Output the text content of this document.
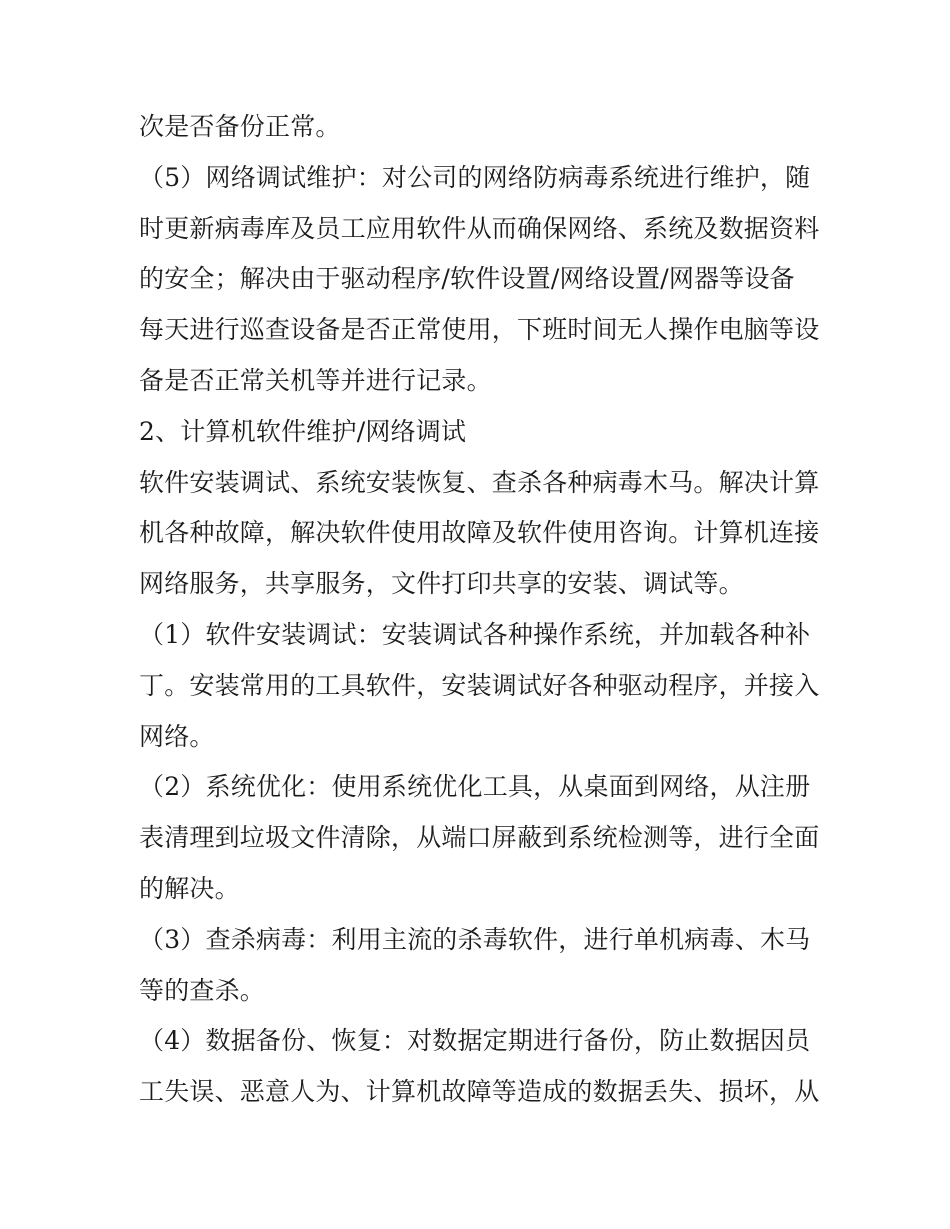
次是否备份正常。
（5）网络调试维护：对公司的网络防病毒系统进行维护，随
时更新病毒库及员工应用软件从而确保网络、系统及数据资料
的安全；解决由于驱动程序/软件设置/网络设置/网器等设备
每天进行巡查设备是否正常使用，下班时间无人操作电脑等设
备是否正常关机等并进行记录。
2、计算机软件维护/网络调试
软件安装调试、系统安装恢复、查杀各种病毒木马。解决计算
机各种故障，解决软件使用故障及软件使用咨询。计算机连接
网络服务，共享服务，文件打印共享的安装、调试等。
（1）软件安装调试：安装调试各种操作系统，并加载各种补
丁。安装常用的工具软件，安装调试好各种驱动程序，并接入
网络。
（2）系统优化：使用系统优化工具，从桌面到网络，从注册
表清理到垃圾文件清除，从端口屏蔽到系统检测等，进行全面
的解决。
（3）查杀病毒：利用主流的杀毒软件，进行单机病毒、木马
等的查杀。
（4）数据备份、恢复：对数据定期进行备份，防止数据因员
工失误、恶意人为、计算机故障等造成的数据丢失、损坏，从
